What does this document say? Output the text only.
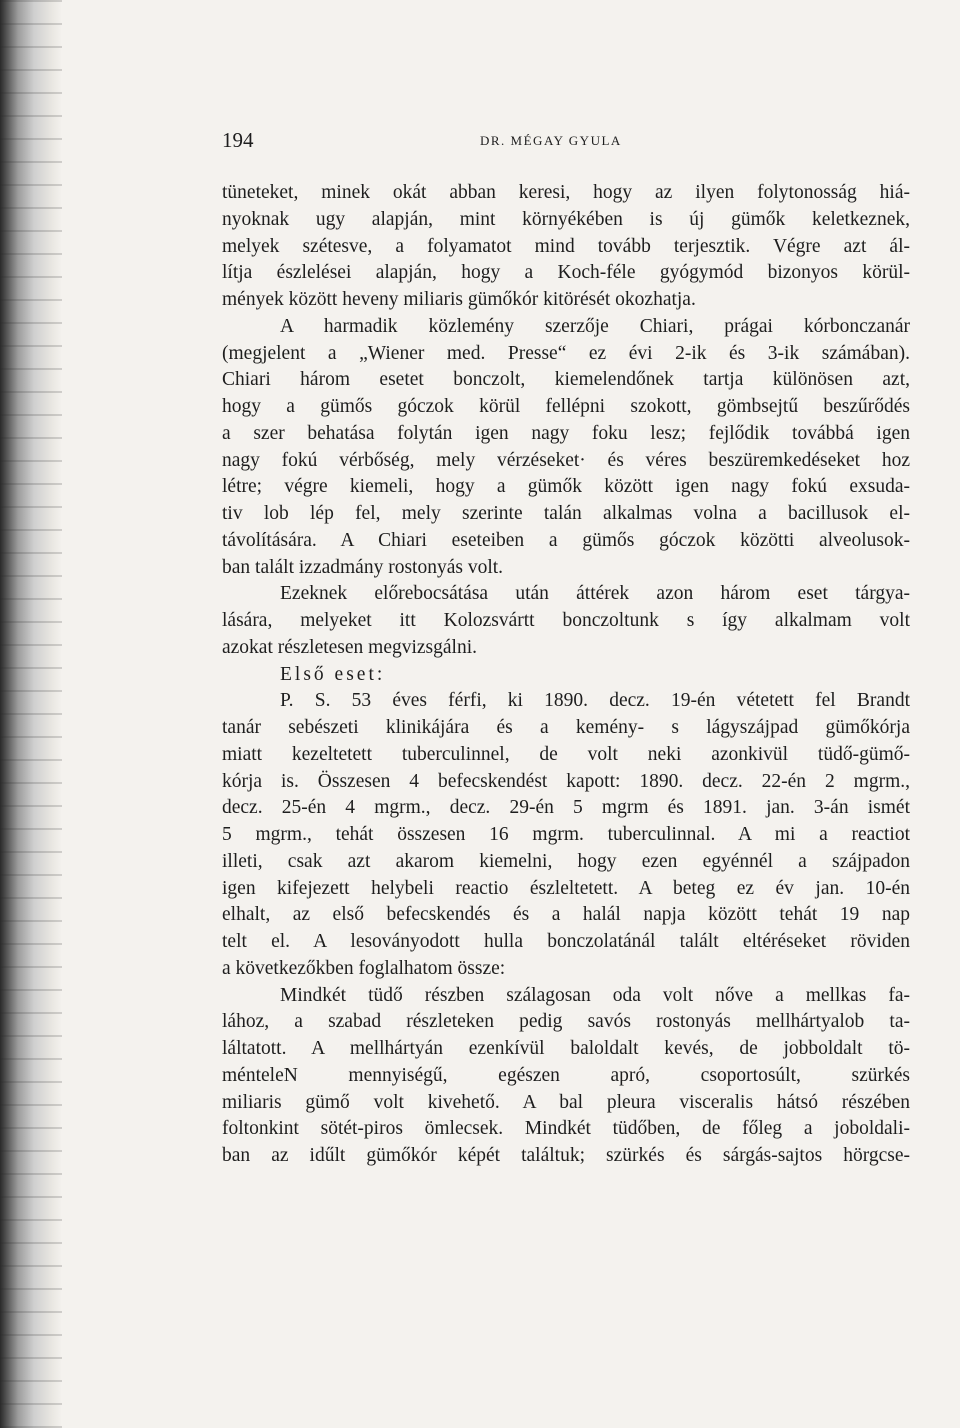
194	DR. MÉGAY GYULA
tüneteket, minek okát abban keresi, hogy az ilyen folytonosság hiá-
nyoknak ugy alapján, mint környékében is új gümők keletkeznek,
melyek szétesve, a folyamatot mind tovább terjesztik. Végre azt ál-
lítja észlelései alapján, hogy a Koch-féle gyógymód bizonyos körül-
mények között heveny miliaris gümőkór kitörését okozhatja.
A harmadik közlemény szerzője Chiari, prágai kórbonczanár
(megjelent a „Wiener med. Presse“ ez évi 2-ik és 3-ik számában).
Chiari három esetet bonczolt, kiemelendőnek tartja különösen azt,
hogy a gümős góczok körül fellépni szokott, gömbsejtű beszűrődés
a szer behatása folytán igen nagy foku lesz; fejlődik továbbá igen
nagy fokú vérbőség, mely vérzéseket· és véres beszüremkedéseket hoz
létre; végre kiemeli, hogy a gümők között igen nagy fokú exsuda-
tiv lob lép fel, mely szerinte talán alkalmas volna a bacillusok el-
távolítására. A Chiari eseteiben a gümős góczok közötti alveolusok-
ban talált izzadmány rostonyás volt.
Ezeknek előrebocsátása után áttérek azon három eset tárgya-
lására, melyeket itt Kolozsvártt bonczoltunk s így alkalmam volt
azokat részletesen megvizsgálni.
Első eset:
P. S. 53 éves férfi, ki 1890. decz. 19-én vétetett fel Brandt
tanár sebészeti klinikájára és a kemény- s lágyszájpad gümőkórja
miatt kezeltetett tuberculinnel, de volt neki azonkivül tüdő-gümő-
kórja is. Összesen 4 befecskendést kapott: 1890. decz. 22-én 2 mgrm.,
decz. 25-én 4 mgrm., decz. 29-én 5 mgrm és 1891. jan. 3-án ismét
5 mgrm., tehát összesen 16 mgrm. tuberculinnal. A mi a reactiot
illeti, csak azt akarom kiemelni, hogy ezen egyénnél a szájpadon
igen kifejezett helybeli reactio észleltetett. A beteg ez év jan. 10-én
elhalt, az első befecskendés és a halál napja között tehát 19 nap
telt el. A lesoványodott hulla bonczolatánál talált eltéréseket röviden
a következőkben foglalhatom össze:
Mindkét tüdő részben szálagosan oda volt nőve a mellkas fa-
lához, a szabad részleteken pedig savós rostonyás mellhártyalob ta-
láltatott. A mellhártyán ezenkívül baloldalt kevés, de jobboldalt tö-
ménteleN mennyiségű, egészen apró, csoportosúlt, szürkés
miliaris gümő volt kivehető. A bal pleura visceralis hátsó részében
foltonkint sötét-piros ömlecsek. Mindkét tüdőben, de főleg a joboldali-
ban az idűlt gümőkór képét találtuk; szürkés és sárgás-sajtos hörgcse-
